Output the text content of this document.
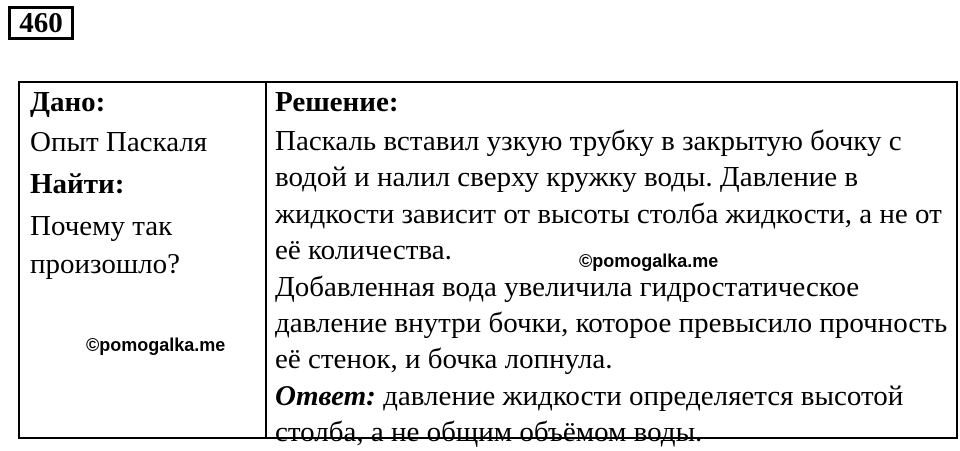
460
Дано:
Опыт Паскаля
Найти:
Почему так произошло?
Решение:
Паскаль вставил узкую трубку в закрытую бочку с водой и налил сверху кружку воды. Давление в жидкости зависит от высоты столба жидкости, а не от её количества.
Добавленная вода увеличила гидростатическое давление внутри бочки, которое превысило прочность её стенок, и бочка лопнула.
Ответ: давление жидкости определяется высотой столба, а не общим объёмом воды.
©pomogalka.me
©pomogalka.me
